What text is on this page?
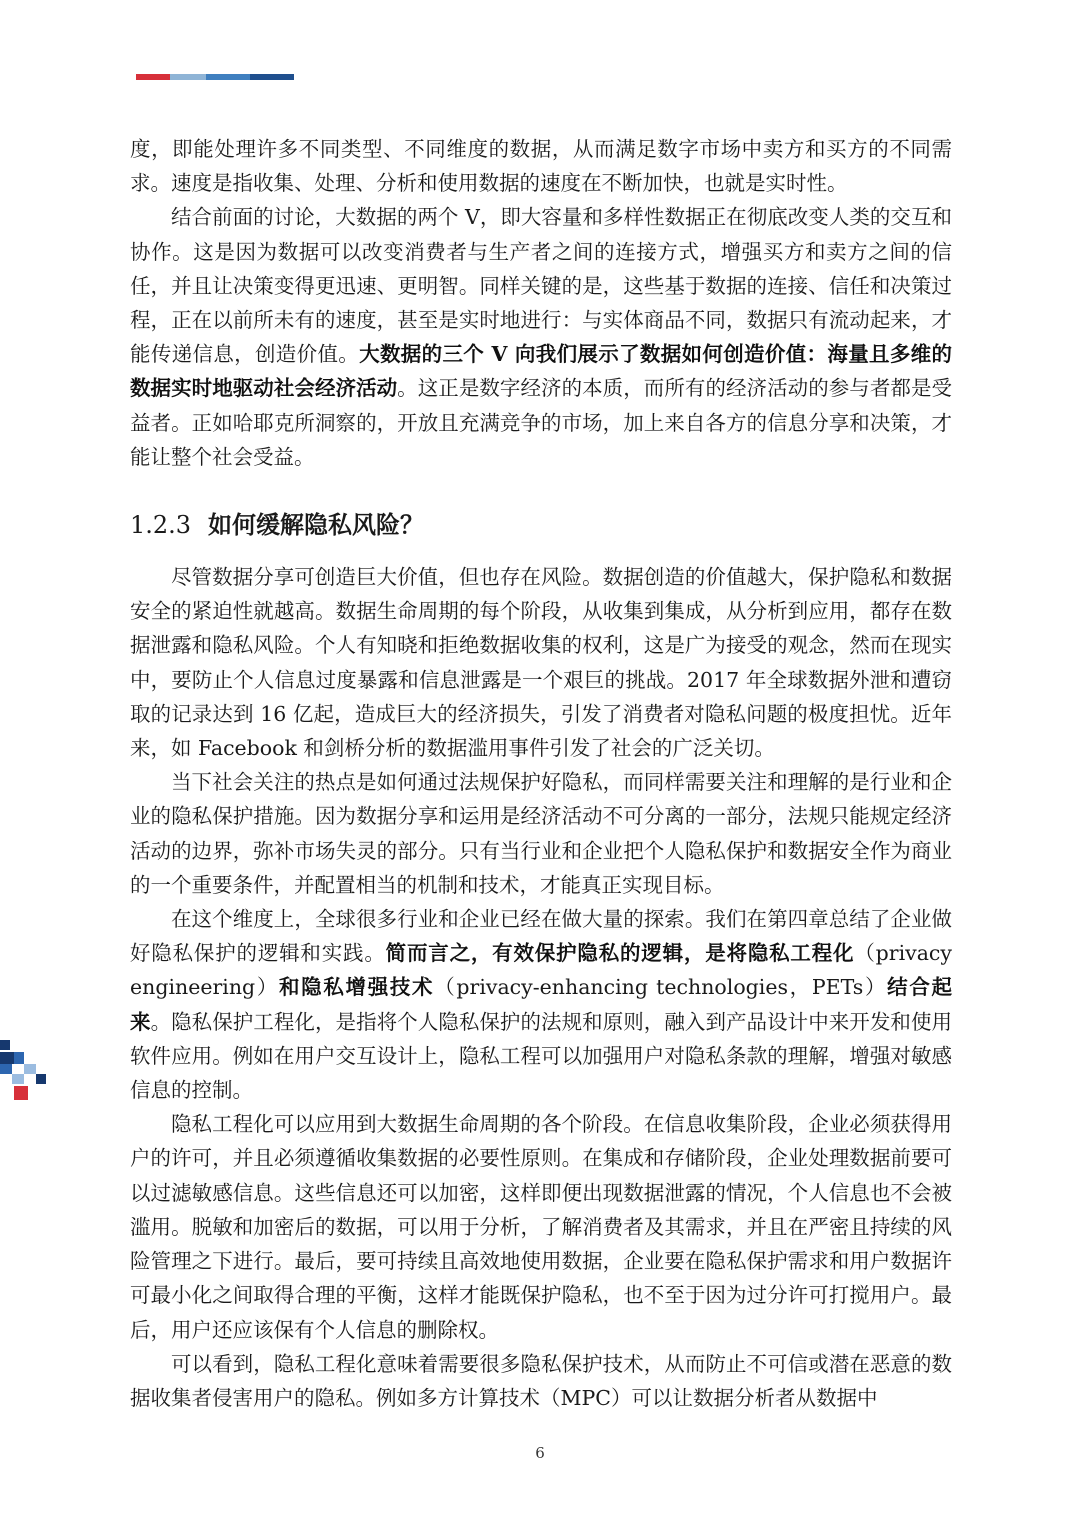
度，即能处理许多不同类型、不同维度的数据，从而满足数字市场中卖方和买方的不同需求。速度是指收集、处理、分析和使用数据的速度在不断加快，也就是实时性。

结合前面的讨论，大数据的两个 V，即大容量和多样性数据正在彻底改变人类的交互和协作。这是因为数据可以改变消费者与生产者之间的连接方式，增强买方和卖方之间的信任，并且让决策变得更迅速、更明智。同样关键的是，这些基于数据的连接、信任和决策过程，正在以前所未有的速度，甚至是实时地进行：与实体商品不同，数据只有流动起来，才能传递信息，创造价值。大数据的三个 V 向我们展示了数据如何创造价值：海量且多维的数据实时地驱动社会经济活动。这正是数字经济的本质，而所有的经济活动的参与者都是受益者。正如哈耶克所洞察的，开放且充满竞争的市场，加上来自各方的信息分享和决策，才能让整个社会受益。

1.2.3 如何缓解隐私风险？

尽管数据分享可创造巨大价值，但也存在风险。数据创造的价值越大，保护隐私和数据安全的紧迫性就越高。数据生命周期的每个阶段，从收集到集成，从分析到应用，都存在数据泄露和隐私风险。个人有知晓和拒绝数据收集的权利，这是广为接受的观念，然而在现实中，要防止个人信息过度暴露和信息泄露是一个艰巨的挑战。2017 年全球数据外泄和遭窃取的记录达到 16 亿起，造成巨大的经济损失，引发了消费者对隐私问题的极度担忧。近年来，如 Facebook 和剑桥分析的数据滥用事件引发了社会的广泛关切。

当下社会关注的热点是如何通过法规保护好隐私，而同样需要关注和理解的是行业和企业的隐私保护措施。因为数据分享和运用是经济活动不可分离的一部分，法规只能规定经济活动的边界，弥补市场失灵的部分。只有当行业和企业把个人隐私保护和数据安全作为商业的一个重要条件，并配置相当的机制和技术，才能真正实现目标。

在这个维度上，全球很多行业和企业已经在做大量的探索。我们在第四章总结了企业做好隐私保护的逻辑和实践。简而言之，有效保护隐私的逻辑，是将隐私工程化（privacy engineering）和隐私增强技术（privacy-enhancing technologies，PETs）结合起来。隐私保护工程化，是指将个人隐私保护的法规和原则，融入到产品设计中来开发和使用软件应用。例如在用户交互设计上，隐私工程可以加强用户对隐私条款的理解，增强对敏感信息的控制。

隐私工程化可以应用到大数据生命周期的各个阶段。在信息收集阶段，企业必须获得用户的许可，并且必须遵循收集数据的必要性原则。在集成和存储阶段，企业处理数据前要可以过滤敏感信息。这些信息还可以加密，这样即便出现数据泄露的情况，个人信息也不会被滥用。脱敏和加密后的数据，可以用于分析，了解消费者及其需求，并且在严密且持续的风险管理之下进行。最后，要可持续且高效地使用数据，企业要在隐私保护需求和用户数据许可最小化之间取得合理的平衡，这样才能既保护隐私，也不至于因为过分许可打搅用户。最后，用户还应该保有个人信息的删除权。

可以看到，隐私工程化意味着需要很多隐私保护技术，从而防止不可信或潜在恶意的数据收集者侵害用户的隐私。例如多方计算技术（MPC）可以让数据分析者从数据中

6
